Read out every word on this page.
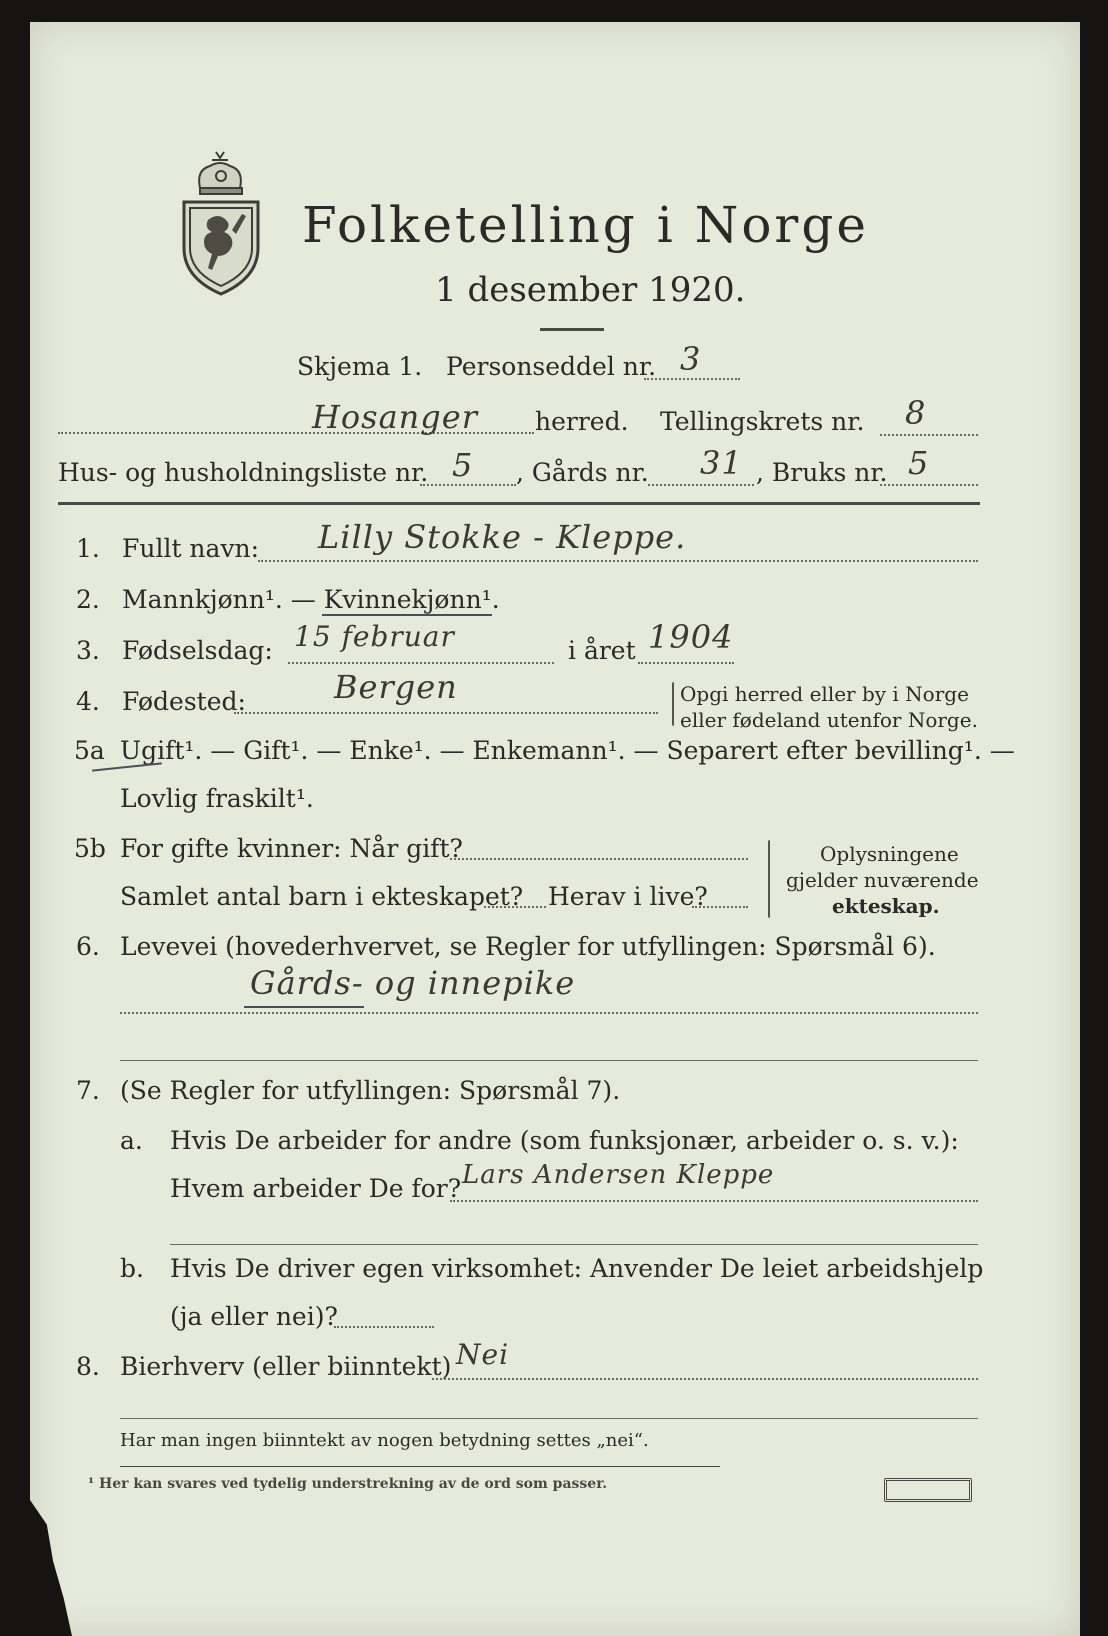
Folketelling i Norge
1 desember 1920.
Skjema 1. Personseddel nr. 3
Hosanger herred. Tellingskrets nr. 8
Hus- og husholdningsliste nr. 5 , Gårds nr. 31 , Bruks nr. 5
1. Fullt navn: Lilly Stokke - Kleppe.
2. Mannkjønn¹. — Kvinnekjønn¹.
3. Fødselsdag: 15 februar	i året 1904
4. Fødested:	Bergen	Opgi herred eller by i Norge
eller fødeland utenfor Norge.
5a Ugift¹. — Gift¹. — Enke¹. — Enkemann¹. — Separert efter bevilling¹. —
Lovlig fraskilt¹.
5b For gifte kvinner: Når gift?
Samlet antal barn i ekteskapet? Herav i live?
Oplysningene
gjelder nuværende
ekteskap.
6. Levevei (hovederhvervet, se Regler for utfyllingen: Spørsmål 6).
Gårds- og innepike
7. (Se Regler for utfyllingen: Spørsmål 7).
a. Hvis De arbeider for andre (som funksjonær, arbeider o. s. v.):
Hvem arbeider De for? Lars Andersen Kleppe
b. Hvis De driver egen virksomhet: Anvender De leiet arbeidshjelp
(ja eller nei)?
8. Bierhverv (eller biinntekt) Nei
Har man ingen biinntekt av nogen betydning settes „nei“.
¹ Her kan svares ved tydelig understrekning av de ord som passer.
